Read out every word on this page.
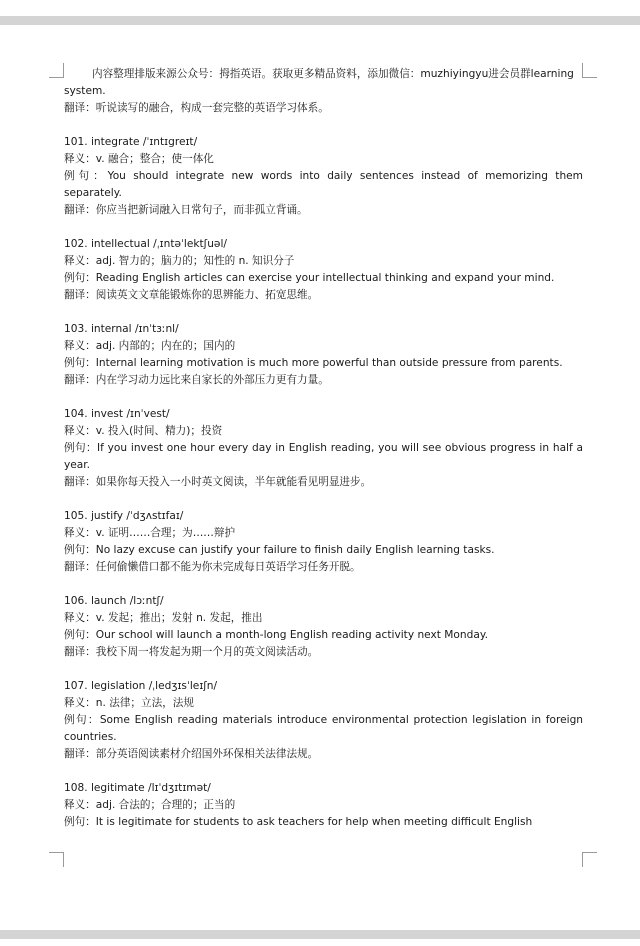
内容整理排版来源公众号：拇指英语。获取更多精品资料，添加微信：muzhiyingyu进会员群learning system.
翻译：听说读写的融合，构成一套完整的英语学习体系。
101. integrate /ˈɪntɪgreɪt/
释义：v. 融合；整合；使一体化
例句：You should integrate new words into daily sentences instead of memorizing them separately.
翻译：你应当把新词融入日常句子，而非孤立背诵。
102. intellectual /ˌɪntəˈlektʃuəl/
释义：adj. 智力的；脑力的；知性的 n. 知识分子
例句：Reading English articles can exercise your intellectual thinking and expand your mind.
翻译：阅读英文文章能锻炼你的思辨能力、拓宽思维。
103. internal /ɪnˈtɜːnl/
释义：adj. 内部的；内在的；国内的
例句：Internal learning motivation is much more powerful than outside pressure from parents.
翻译：内在学习动力远比来自家长的外部压力更有力量。
104. invest /ɪnˈvest/
释义：v. 投入(时间、精力)；投资
例句：If you invest one hour every day in English reading, you will see obvious progress in half a year.
翻译：如果你每天投入一小时英文阅读，半年就能看见明显进步。
105. justify /ˈdʒʌstɪfaɪ/
释义：v. 证明……合理；为……辩护
例句：No lazy excuse can justify your failure to finish daily English learning tasks.
翻译：任何偷懒借口都不能为你未完成每日英语学习任务开脱。
106. launch /lɔːntʃ/
释义：v. 发起；推出；发射 n. 发起，推出
例句：Our school will launch a month-long English reading activity next Monday.
翻译：我校下周一将发起为期一个月的英文阅读活动。
107. legislation /ˌledʒɪsˈleɪʃn/
释义：n. 法律；立法，法规
例句：Some English reading materials introduce environmental protection legislation in foreign countries.
翻译：部分英语阅读素材介绍国外环保相关法律法规。
108. legitimate /lɪˈdʒɪtɪmət/
释义：adj. 合法的；合理的；正当的
例句：It is legitimate for students to ask teachers for help when meeting difficult English
